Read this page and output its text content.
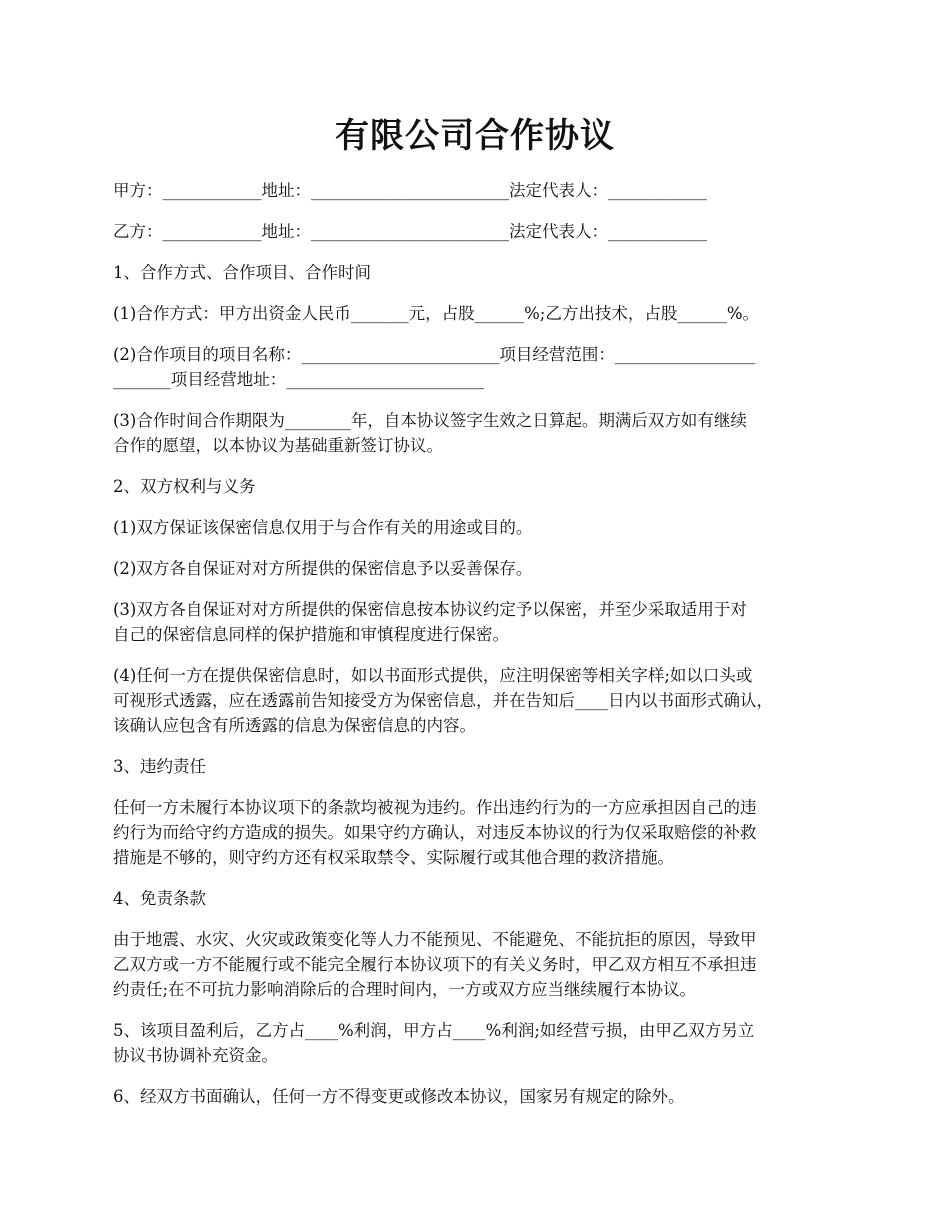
有限公司合作协议

甲方：____________地址：________________________法定代表人：____________

乙方：____________地址：________________________法定代表人：____________

1、合作方式、合作项目、合作时间

(1)合作方式：甲方出资金人民币_______元，占股______%;乙方出技术，占股______%。

(2)合作项目的项目名称：________________________项目经营范围：_________________

_______项目经营地址：________________________

(3)合作时间合作期限为________年，自本协议签字生效之日算起。期满后双方如有继续

合作的愿望，以本协议为基础重新签订协议。

2、双方权利与义务

(1)双方保证该保密信息仅用于与合作有关的用途或目的。

(2)双方各自保证对对方所提供的保密信息予以妥善保存。

(3)双方各自保证对对方所提供的保密信息按本协议约定予以保密，并至少采取适用于对

自己的保密信息同样的保护措施和审慎程度进行保密。

(4)任何一方在提供保密信息时，如以书面形式提供，应注明保密等相关字样;如以口头或

可视形式透露，应在透露前告知接受方为保密信息，并在告知后____日内以书面形式确认，

该确认应包含有所透露的信息为保密信息的内容。

3、违约责任

任何一方未履行本协议项下的条款均被视为违约。作出违约行为的一方应承担因自己的违

约行为而给守约方造成的损失。如果守约方确认，对违反本协议的行为仅采取赔偿的补救

措施是不够的，则守约方还有权采取禁令、实际履行或其他合理的救济措施。

4、免责条款

由于地震、水灾、火灾或政策变化等人力不能预见、不能避免、不能抗拒的原因，导致甲

乙双方或一方不能履行或不能完全履行本协议项下的有关义务时，甲乙双方相互不承担违

约责任;在不可抗力影响消除后的合理时间内，一方或双方应当继续履行本协议。

5、该项目盈利后，乙方占____%利润，甲方占____%利润;如经营亏损，由甲乙双方另立

协议书协调补充资金。

6、经双方书面确认，任何一方不得变更或修改本协议，国家另有规定的除外。
